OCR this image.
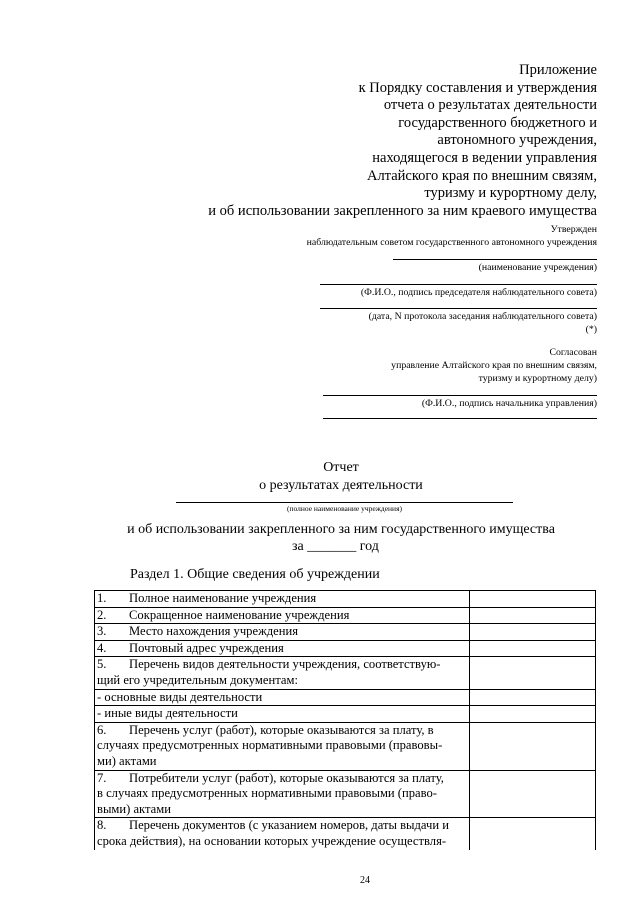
Приложение
к Порядку составления и утверждения
отчета о результатах деятельности
государственного бюджетного и
автономного учреждения,
находящегося в ведении управления
Алтайского края по внешним связям,
туризму и курортному делу,
и об использовании закрепленного за ним краевого имущества
Утвержден
наблюдательным советом государственного автономного учреждения
(наименование учреждения)
(Ф.И.О., подпись председателя наблюдательного совета)
(дата, N протокола заседания наблюдательного совета)
(*)
Согласован
управление Алтайского края по внешним связям,
туризму и курортному делу)
(Ф.И.О., подпись начальника управления)
Отчет
о результатах деятельности
(полное наименование учреждения)
и об использовании закрепленного за ним государственного имущества
за _______ год
Раздел 1. Общие сведения об учреждении
1. Полное наименование учреждения	
2. Сокращенное наименование учреждения	
3. Место нахождения учреждения	
4. Почтовый адрес учреждения	
5. Перечень видов деятельности учреждения, соответствую-
щий его учредительным документам:	
- основные виды деятельности	
- иные виды деятельности	
6. Перечень услуг (работ), которые оказываются за плату, в
случаях предусмотренных нормативными правовыми (правовы-
ми) актами	
7. Потребители услуг (работ), которые оказываются за плату,
в случаях предусмотренных нормативными правовыми (право-
выми) актами	
8. Перечень документов (с указанием номеров, даты выдачи и
срока действия), на основании которых учреждение осуществля-	
24
